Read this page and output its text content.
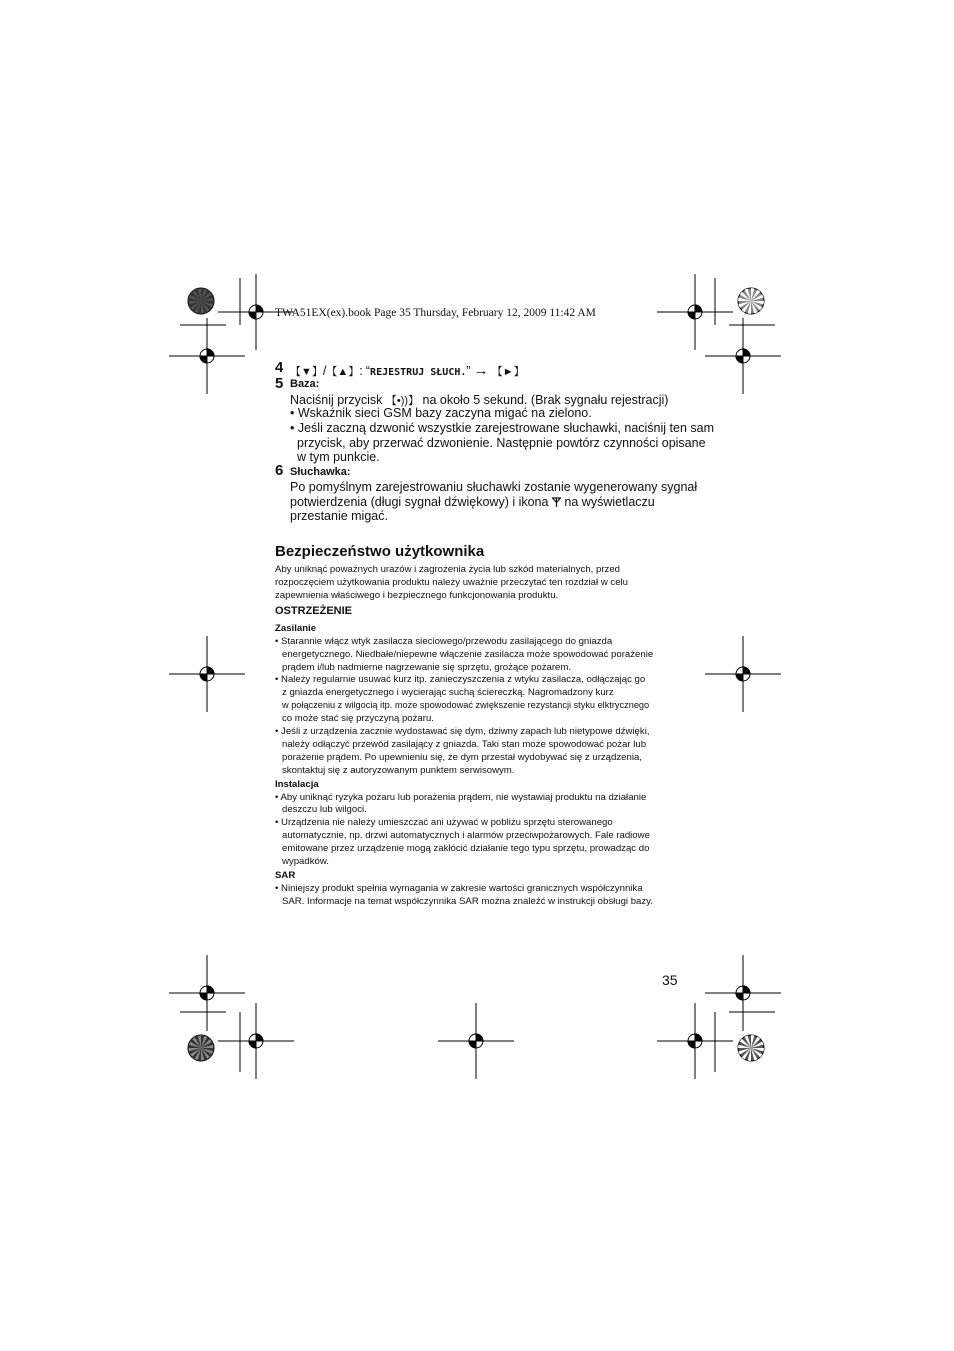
TWA51EX(ex).book Page 35 Thursday, February 12, 2009 11:42 AM
4 【▼】/【▲】: “REJESTRUJ SŁUCH.” → 【►】
5 Baza:
Naciśnij przycisk 【•))】 na około 5 sekund. (Brak sygnału rejestracji)
• Wskaźnik sieci GSM bazy zaczyna migać na zielono.
• Jeśli zaczną dzwonić wszystkie zarejestrowane słuchawki, naciśnij ten sam
przycisk, aby przerwać dzwonienie. Następnie powtórz czynności opisane
w tym punkcie.
6 Słuchawka:
Po pomyślnym zarejestrowaniu słuchawki zostanie wygenerowany sygnał
potwierdzenia (długi sygnał dźwiękowy) i ikona  na wyświetlaczu
przestanie migać.
Bezpieczeństwo użytkownika
Aby uniknąć poważnych urazów i zagrożenia życia lub szkód materialnych, przed
rozpoczęciem użytkowania produktu należy uważnie przeczytać ten rozdział w celu
zapewnienia właściwego i bezpiecznego funkcjonowania produktu.
OSTRZEŻENIE
Zasilanie
• Starannie włącz wtyk zasilacza sieciowego/przewodu zasilającego do gniazda
energetycznego. Niedbałe/niepewne włączenie zasilacza może spowodować porażenie
prądem i/lub nadmierne nagrzewanie się sprzętu, grożące pożarem.
• Należy regularnie usuwać kurz itp. zanieczyszczenia z wtyku zasilacza, odłączając go
z gniazda energetycznego i wycierając suchą ściereczką. Nagromadzony kurz
w połączeniu z wilgocią itp. może spowodować zwiększenie rezystancji styku elktrycznego
co może stać się przyczyną pożaru.
• Jeśli z urządzenia zacznie wydostawać się dym, dziwny zapach lub nietypowe dźwięki,
należy odłączyć przewód zasilający z gniazda. Taki stan może spowodować pożar lub
porażenie prądem. Po upewnieniu się, że dym przestał wydobywać się z urządzenia,
skontaktuj się z autoryzowanym punktem serwisowym.
Instalacja
• Aby uniknąć ryzyka pożaru lub porażenia prądem, nie wystawiaj produktu na działanie
deszczu lub wilgoci.
• Urządzenia nie należy umieszczać ani używać w pobliżu sprzętu sterowanego
automatycznie, np. drzwi automatycznych i alarmów przeciwpożarowych. Fale radiowe
emitowane przez urządzenie mogą zakłócić działanie tego typu sprzętu, prowadząc do
wypadków.
SAR
• Niniejszy produkt spełnia wymagania w zakresie wartości granicznych współczynnika
SAR. Informacje na temat współczynnika SAR można znaleźć w instrukcji obsługi bazy.
35
